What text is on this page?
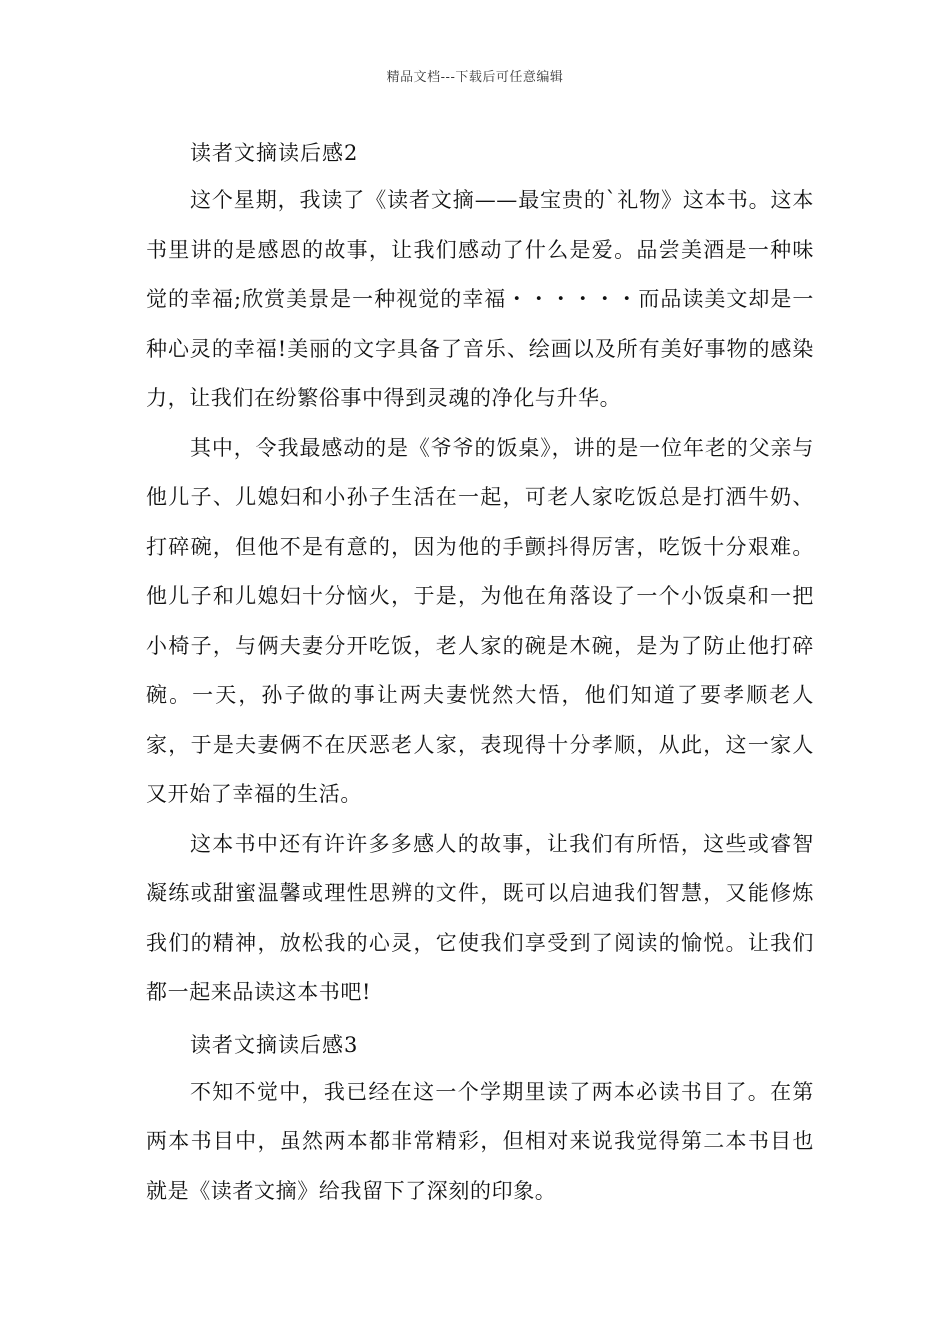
精品文档---下载后可任意编辑

读者文摘读后感2

这个星期，我读了《读者文摘——最宝贵的`礼物》这本书。这本书里讲的是感恩的故事，让我们感动了什么是爱。品尝美酒是一种味觉的幸福;欣赏美景是一种视觉的幸福・・・・・・而品读美文却是一种心灵的幸福!美丽的文字具备了音乐、绘画以及所有美好事物的感染力，让我们在纷繁俗事中得到灵魂的净化与升华。

其中，令我最感动的是《爷爷的饭桌》，讲的是一位年老的父亲与他儿子、儿媳妇和小孙子生活在一起，可老人家吃饭总是打洒牛奶、打碎碗，但他不是有意的，因为他的手颤抖得厉害，吃饭十分艰难。他儿子和儿媳妇十分恼火，于是，为他在角落设了一个小饭桌和一把小椅子，与俩夫妻分开吃饭，老人家的碗是木碗，是为了防止他打碎碗。一天，孙子做的事让两夫妻恍然大悟，他们知道了要孝顺老人家，于是夫妻俩不在厌恶老人家，表现得十分孝顺，从此，这一家人又开始了幸福的生活。

这本书中还有许许多多感人的故事，让我们有所悟，这些或睿智凝练或甜蜜温馨或理性思辨的文件，既可以启迪我们智慧，又能修炼我们的精神，放松我的心灵，它使我们享受到了阅读的愉悦。让我们都一起来品读这本书吧!

读者文摘读后感3

不知不觉中，我已经在这一个学期里读了两本必读书目了。在第两本书目中，虽然两本都非常精彩，但相对来说我觉得第二本书目也就是《读者文摘》给我留下了深刻的印象。
